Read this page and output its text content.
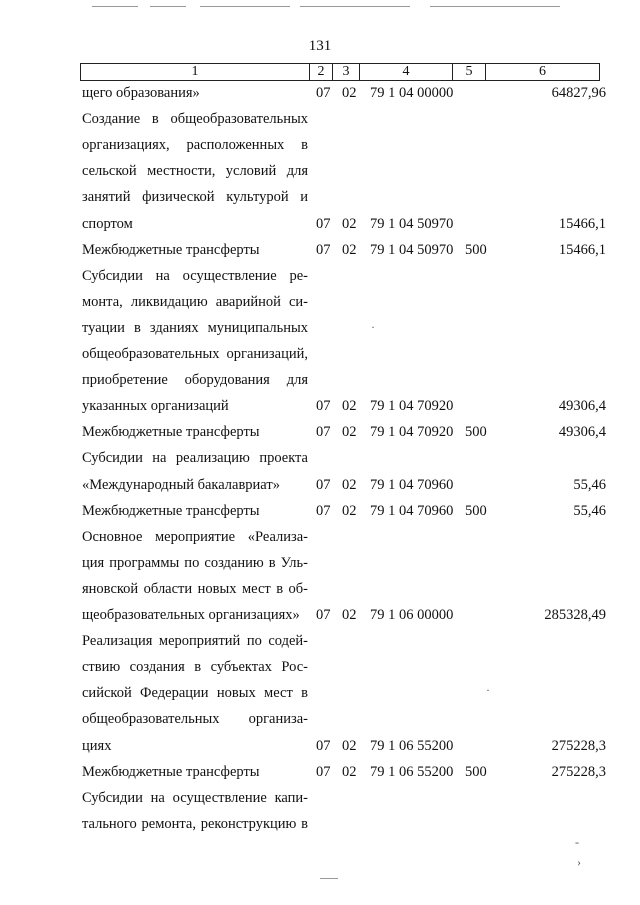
131
1	2	3	4	5	6
щего образования»	07 02 79 1 04 00000	64827,96
Создание в общеобразовательных
организациях, расположенных в
сельской местности, условий для
занятий физической культурой и
спортом	07 02 79 1 04 50970	15466,1
Межбюджетные трансферты	07 02 79 1 04 50970 500	15466,1
Субсидии на осуществление ре-
монта, ликвидацию аварийной си-
туации в зданиях муниципальных
общеобразовательных организаций,
приобретение оборудования для
указанных организаций	07 02 79 1 04 70920	49306,4
Межбюджетные трансферты	07 02 79 1 04 70920 500	49306,4
Субсидии на реализацию проекта
«Международный бакалавриат»	07 02 79 1 04 70960	55,46
Межбюджетные трансферты	07 02 79 1 04 70960 500	55,46
Основное мероприятие «Реализа-
ция программы по созданию в Уль-
яновской области новых мест в об-
щеобразовательных организациях»	07 02 79 1 06 00000	285328,49
Реализация мероприятий по содей-
ствию создания в субъектах Рос-
сийской Федерации новых мест в
общеобразовательных организа-
циях	07 02 79 1 06 55200	275228,3
Межбюджетные трансферты	07 02 79 1 06 55200 500	275228,3
Субсидии на осуществление капи-
тального ремонта, реконструкцию в
·
·
-
›
